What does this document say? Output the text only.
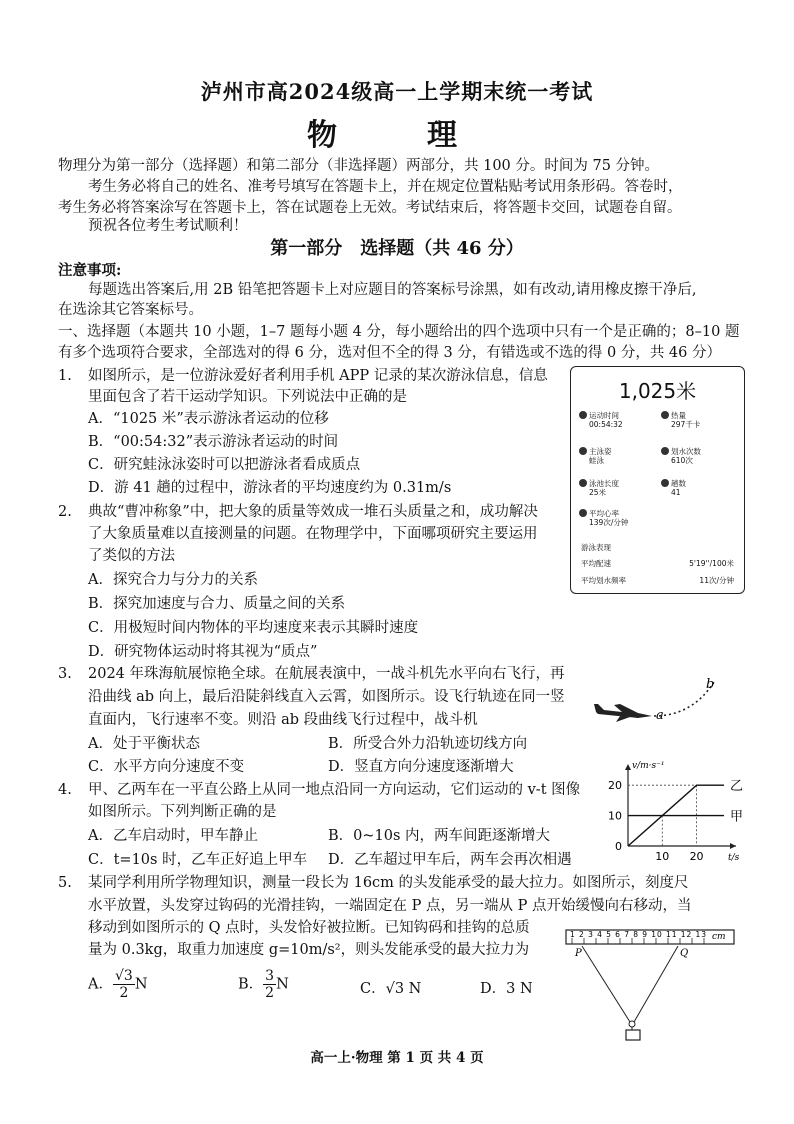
泸州市高2024级高一上学期末统一考试
物　理
物理分为第一部分（选择题）和第二部分（非选择题）两部分，共 100 分。时间为 75 分钟。
考生务必将自己的姓名、准考号填写在答题卡上，并在规定位置粘贴考试用条形码。答卷时，
考生务必将答案涂写在答题卡上，答在试题卷上无效。考试结束后，将答题卡交回，试题卷自留。
预祝各位考生考试顺利！
第一部分　选择题（共 46 分）
注意事项:
每题选出答案后,用 2B 铅笔把答题卡上对应题目的答案标号涂黑，如有改动,请用橡皮擦干净后,
在选涂其它答案标号。
一、选择题（本题共 10 小题，1–7 题每小题 4 分，每小题给出的四个选项中只有一个是正确的；8–10 题
有多个选项符合要求，全部选对的得 6 分，选对但不全的得 3 分，有错选或不选的得 0 分，共 46 分）
1. 如图所示，是一位游泳爱好者利用手机 APP 记录的某次游泳信息，信息
里面包含了若干运动学知识。下列说法中正确的是
A．“1025 米”表示游泳者运动的位移
B．“00:54:32”表示游泳者运动的时间
C．研究蛙泳泳姿时可以把游泳者看成质点
D．游 41 趟的过程中，游泳者的平均速度约为 0.31m/s
1,025米
运动时间
00:54:32
热量
297千卡
主泳姿
蛙泳
划水次数
610次
泳池长度
25米
趟数
41
平均心率
139次/分钟
游泳表现
平均配速	5'19''/100米
平均划水频率	11次/分钟
2. 典故“曹冲称象”中，把大象的质量等效成一堆石头质量之和，成功解决
了大象质量难以直接测量的问题。在物理学中，下面哪项研究主要运用
了类似的方法
A．探究合力与分力的关系
B．探究加速度与合力、质量之间的关系
C．用极短时间内物体的平均速度来表示其瞬时速度
D．研究物体运动时将其视为“质点”
3. 2024 年珠海航展惊艳全球。在航展表演中，一战斗机先水平向右飞行，再
沿曲线 ab 向上，最后沿陡斜线直入云霄，如图所示。设飞行轨迹在同一竖
直面内，飞行速率不变。则沿 ab 段曲线飞行过程中，战斗机
A．处于平衡状态	B．所受合外力沿轨迹切线方向
C．水平方向分速度不变	D．竖直方向分速度逐渐增大
a
b
4. 甲、乙两车在一平直公路上从同一地点沿同一方向运动，它们运动的 v-t 图像
如图所示。下列判断正确的是
A．乙车启动时，甲车静止	B．0~10s 内，两车间距逐渐增大
C．t=10s 时，乙车正好追上甲车 D．乙车超过甲车后，两车会再次相遇
甲
乙
0
10
20
10 20
v/m·s⁻¹
t/s
5. 某同学利用所学物理知识，测量一段长为 16cm 的头发能承受的最大拉力。如图所示，刻度尺
水平放置，头发穿过钩码的光滑挂钩，一端固定在 P 点，另一端从 P 点开始缓慢向右移动，当
移动到如图所示的 Q 点时，头发恰好被拉断。已知钩码和挂钩的总质
量为 0.3kg，取重力加速度 g=10m/s²，则头发能承受的最大拉力为
A． $\frac{√3}{2}$ N	B． $\frac{3}{2}$ N	C．√3 N	D．3 N
1 2 3 4 5 6 7 8 9 10 11 12 13 cm
P	Q
高一上·物理 第 1 页 共 4 页
